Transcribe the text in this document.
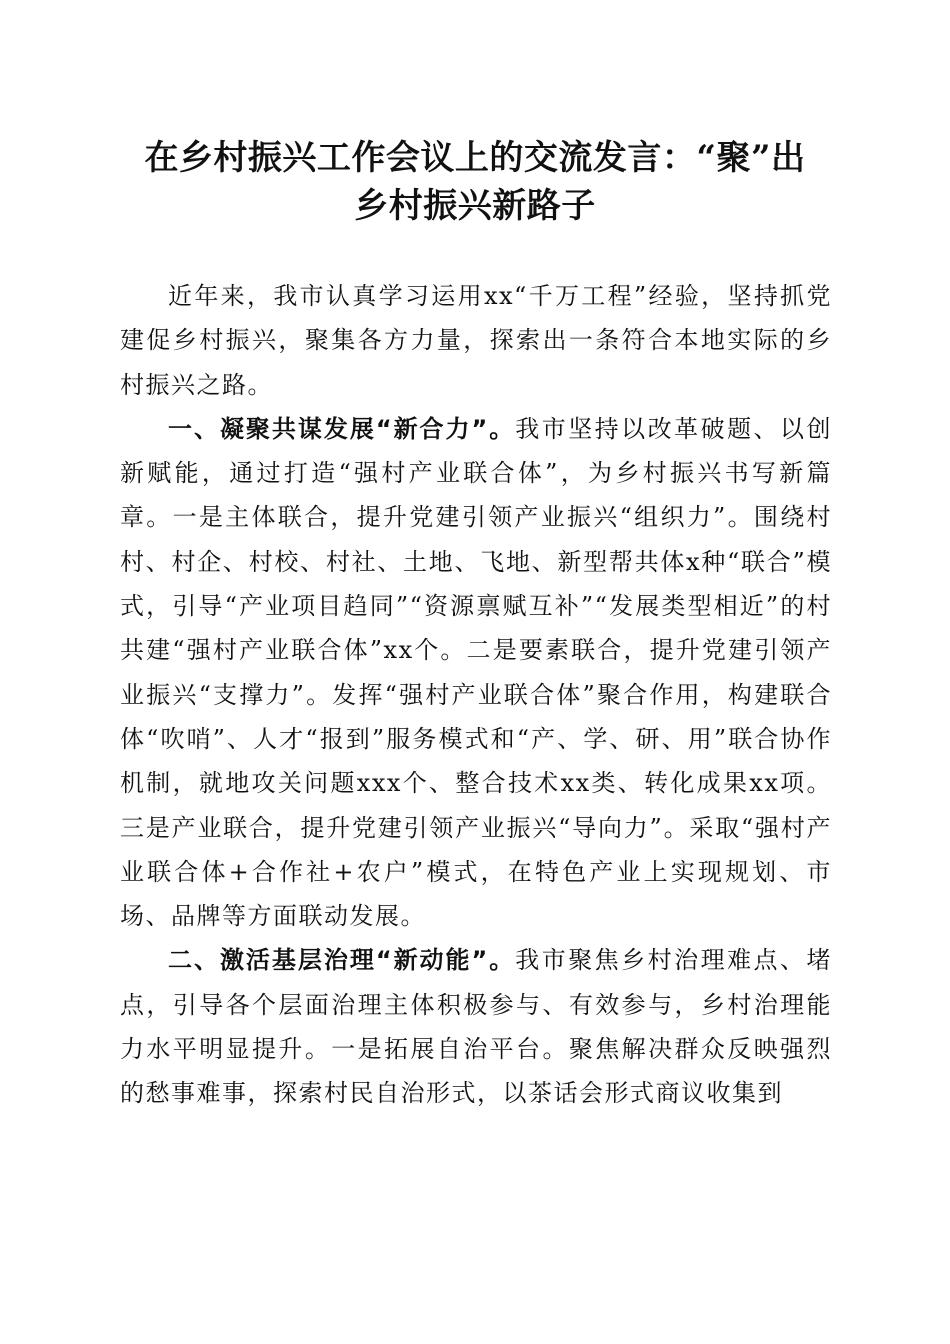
在乡村振兴工作会议上的交流发言：“聚”出
乡村振兴新路子

近年来，我市认真学习运用xx“千万工程”经验，坚持抓党建促乡村振兴，聚集各方力量，探索出一条符合本地实际的乡村振兴之路。

一、凝聚共谋发展“新合力”。我市坚持以改革破题、以创新赋能，通过打造“强村产业联合体”，为乡村振兴书写新篇章。一是主体联合，提升党建引领产业振兴“组织力”。围绕村村、村企、村校、村社、土地、飞地、新型帮共体x种“联合”模式，引导“产业项目趋同”“资源禀赋互补”“发展类型相近”的村共建“强村产业联合体”xx个。二是要素联合，提升党建引领产业振兴“支撑力”。发挥“强村产业联合体”聚合作用，构建联合体“吹哨”、人才“报到”服务模式和“产、学、研、用”联合协作机制，就地攻关问题xxx个、整合技术xx类、转化成果xx项。三是产业联合，提升党建引领产业振兴“导向力”。采取“强村产业联合体+合作社+农户”模式，在特色产业上实现规划、市场、品牌等方面联动发展。

二、激活基层治理“新动能”。我市聚焦乡村治理难点、堵点，引导各个层面治理主体积极参与、有效参与，乡村治理能力水平明显提升。一是拓展自治平台。聚焦解决群众反映强烈的愁事难事，探索村民自治形式，以茶话会形式商议收集到
